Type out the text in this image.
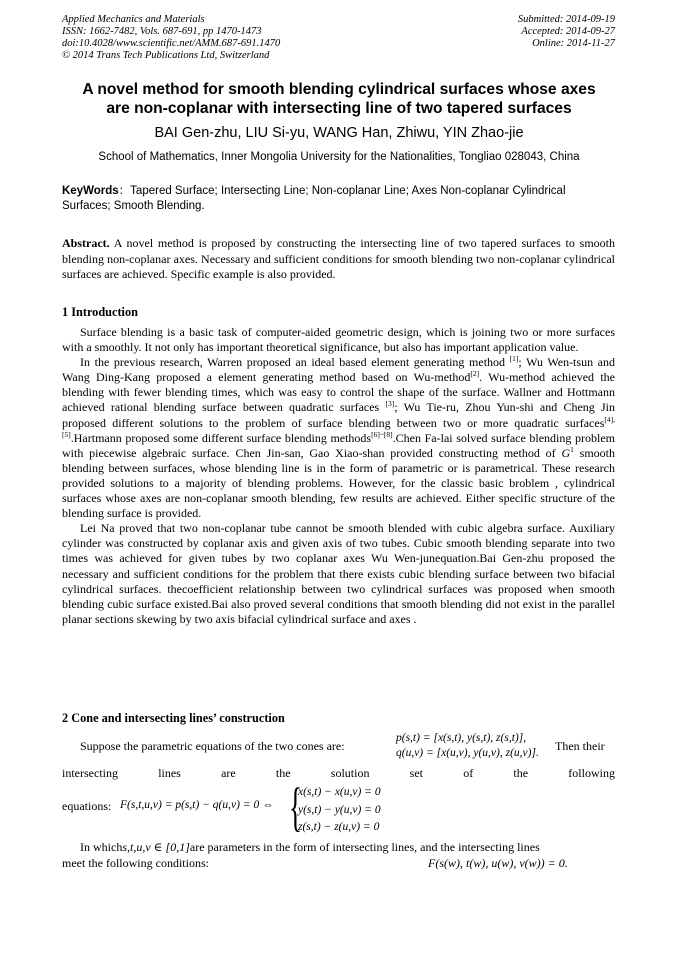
Applied Mechanics and Materials
ISSN: 1662-7482, Vols. 687-691, pp 1470-1473
doi:10.4028/www.scientific.net/AMM.687-691.1470
© 2014 Trans Tech Publications Ltd, Switzerland
Submitted: 2014-09-19
Accepted: 2014-09-27
Online: 2014-11-27
A novel method for smooth blending cylindrical surfaces whose axes
are non-coplanar with intersecting line of two tapered surfaces
BAI Gen-zhu, LIU Si-yu, WANG Han, Zhiwu, YIN Zhao-jie
School of Mathematics, Inner Mongolia University for the Nationalities, Tongliao 028043, China
KeyWords：Tapered Surface; Intersecting Line; Non-coplanar Line; Axes Non-coplanar Cylindrical Surfaces; Smooth Blending.
Abstract. A novel method is proposed by constructing the intersecting line of two tapered surfaces to smooth blending non-coplanar axes. Necessary and sufficient conditions for smooth blending two non-coplanar cylindrical surfaces are achieved. Specific example is also provided.
1 Introduction

Surface blending is a basic task of computer-aided geometric design, which is joining two or more surfaces with a smoothly. It not only has important theoretical significance, but also has important application value.

In the previous research, Warren proposed an ideal based element generating method [1]; Wu Wen-tsun and Wang Ding-Kang proposed a element generating method based on Wu-method[2]. Wu-method achieved the blending with fewer blending times, which was easy to control the shape of the surface. Wallner and Hottmann achieved rational blending surface between quadratic surfaces [3]; Wu Tie-ru, Zhou Yun-shi and Cheng Jin proposed different solutions to the problem of surface blending between two or more quadratic surfaces[4], [5].Hartmann proposed some different surface blending methods[6]~[8].Chen Fa-lai solved surface blending problem with piecewise algebraic surface. Chen Jin-san, Gao Xiao-shan provided constructing method of $G^1$ smooth blending between surfaces, whose blending line is in the form of parametric or is parametrical. These research provided solutions to a majority of blending problems. However, for the classic basic broblem , cylindrical surfaces whose axes are non-coplanar smooth blending, few results are achieved. Either specific structure of the blending surface is provided.

Lei Na proved that two non-coplanar tube cannot be smooth blended with cubic algebra surface. Auxiliary cylinder was constructed by coplanar axis and given axis of two tubes. Cubic smooth blending separate into two times was achieved for given tubes by two coplanar axes Wu Wen-junequation.Bai Gen-zhu proposed the necessary and sufficient conditions for the problem that there exists cubic blending surface between two bifacial cylindrical surfaces. thecoefficient relationship between two cylindrical surfaces was proposed when smooth blending cubic surface existed.Bai also proved several conditions that smooth blending did not exist in the parallel planar sections skewing by two axis bifacial cylindrical surface and axes .

2 Cone and intersecting lines’ construction
Suppose the parametric equations of the two cones are:
p(s,t) = [x(s,t), y(s,t), z(s,t)],
q(u,v) = [x(u,v), y(u,v), z(u,v)]. Then their
intersecting	lines	are	the	solution	set	of	the	following
equations: F(s,t,u,v) = p(s,t) − q(u,v) = 0 ⇔ {
x(s,t) − x(u,v) = 0
y(s,t) − y(u,v) = 0
z(s,t) − z(u,v) = 0
In whichs,t,u,v ∈ [0,1]are parameters in the form of intersecting lines, and the intersecting lines
meet the following conditions:	F(s(w), t(w), u(w), v(w)) = 0.
